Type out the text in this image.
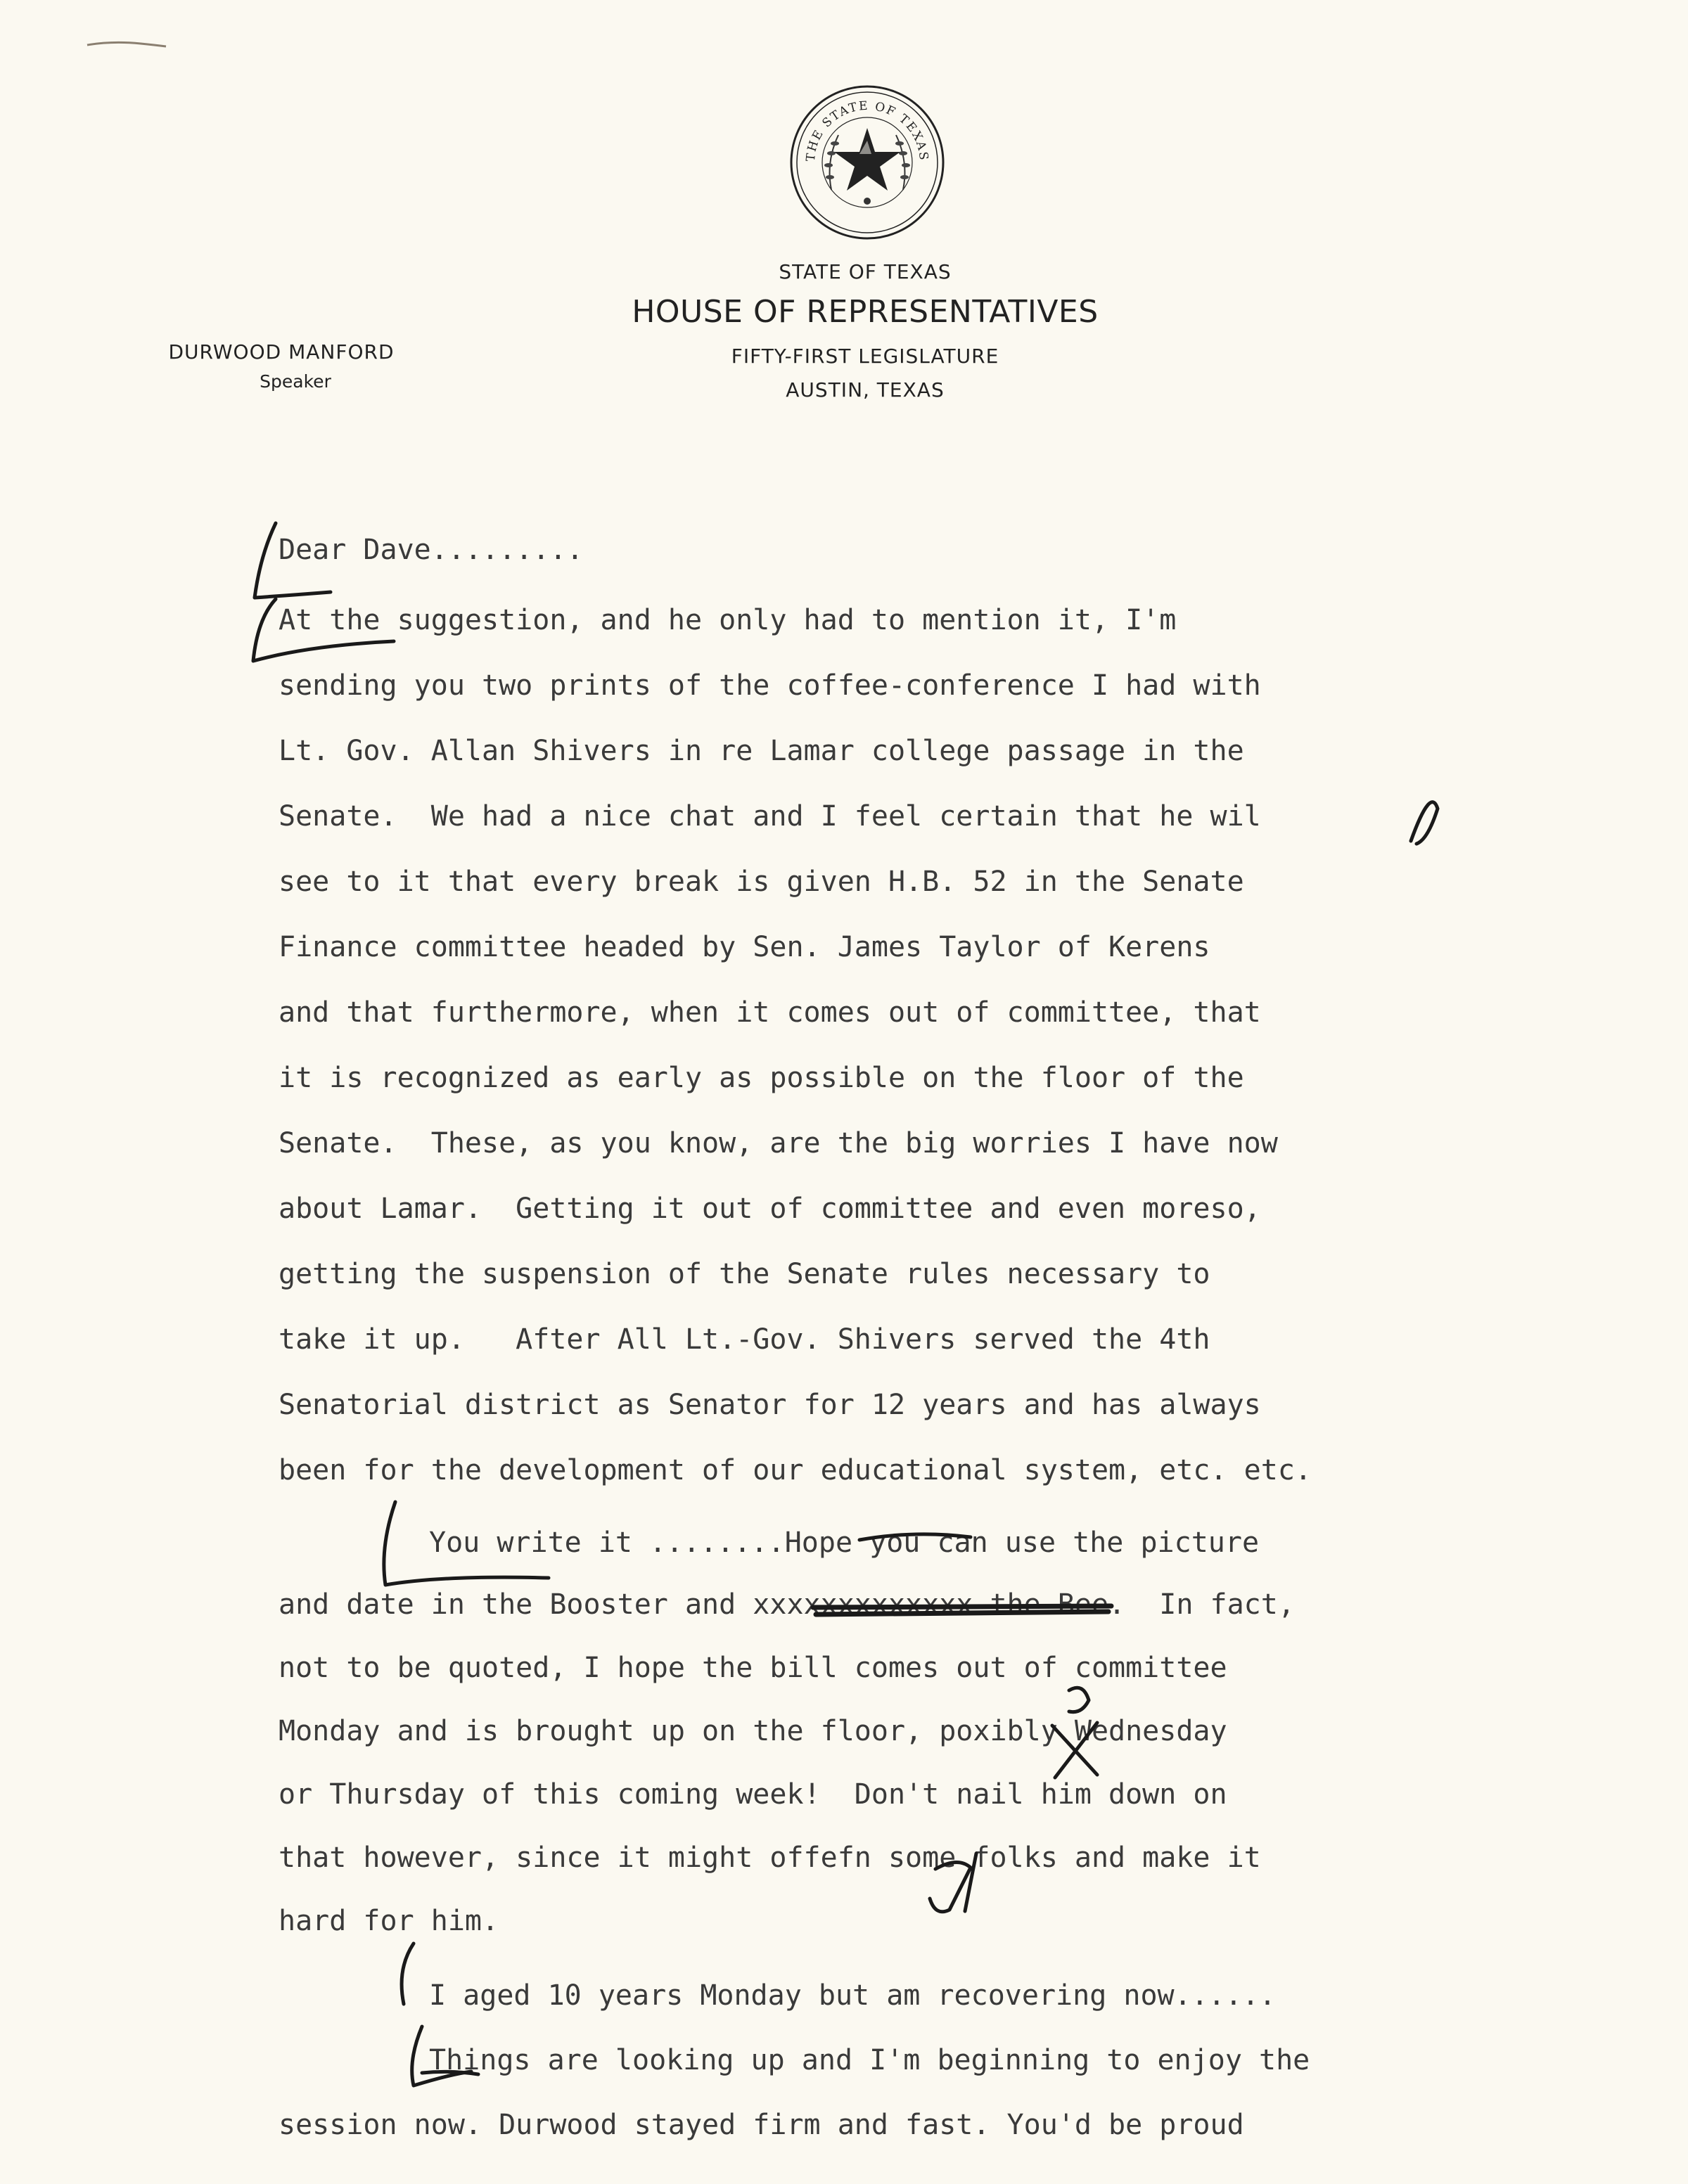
THE STATE OF TEXAS
STATE OF TEXAS
HOUSE OF REPRESENTATIVES
FIFTY-FIRST LEGISLATURE
AUSTIN, TEXAS
DURWOOD MANFORD
Speaker
Dear Dave.........
At the suggestion, and he only had to mention it, I'm
sending you two prints of the coffee-conference I had with
Lt. Gov. Allan Shivers in re Lamar college passage in the
Senate.  We had a nice chat and I feel certain that he wil
see to it that every break is given H.B. 52 in the Senate
Finance committee headed by Sen. James Taylor of Kerens
and that furthermore, when it comes out of committee, that
it is recognized as early as possible on the floor of the
Senate.  These, as you know, are the big worries I have now
about Lamar.  Getting it out of committee and even moreso,
getting the suspension of the Senate rules necessary to
take it up.   After All Lt.-Gov. Shivers served the 4th
Senatorial district as Senator for 12 years and has always
been for the development of our educational system, etc. etc.
You write it ........Hope you can use the picture
and date in the Booster and xxxxxxxxxxxxx the Bee.  In fact,
not to be quoted, I hope the bill comes out of committee
Monday and is brought up on the floor, poxibly Wednesday
or Thursday of this coming week!  Don't nail him down on
that however, since it might offefn some folks and make it
hard for him.
I aged 10 years Monday but am recovering now......
Things are looking up and I'm beginning to enjoy the
session now. Durwood stayed firm and fast. You'd be proud
